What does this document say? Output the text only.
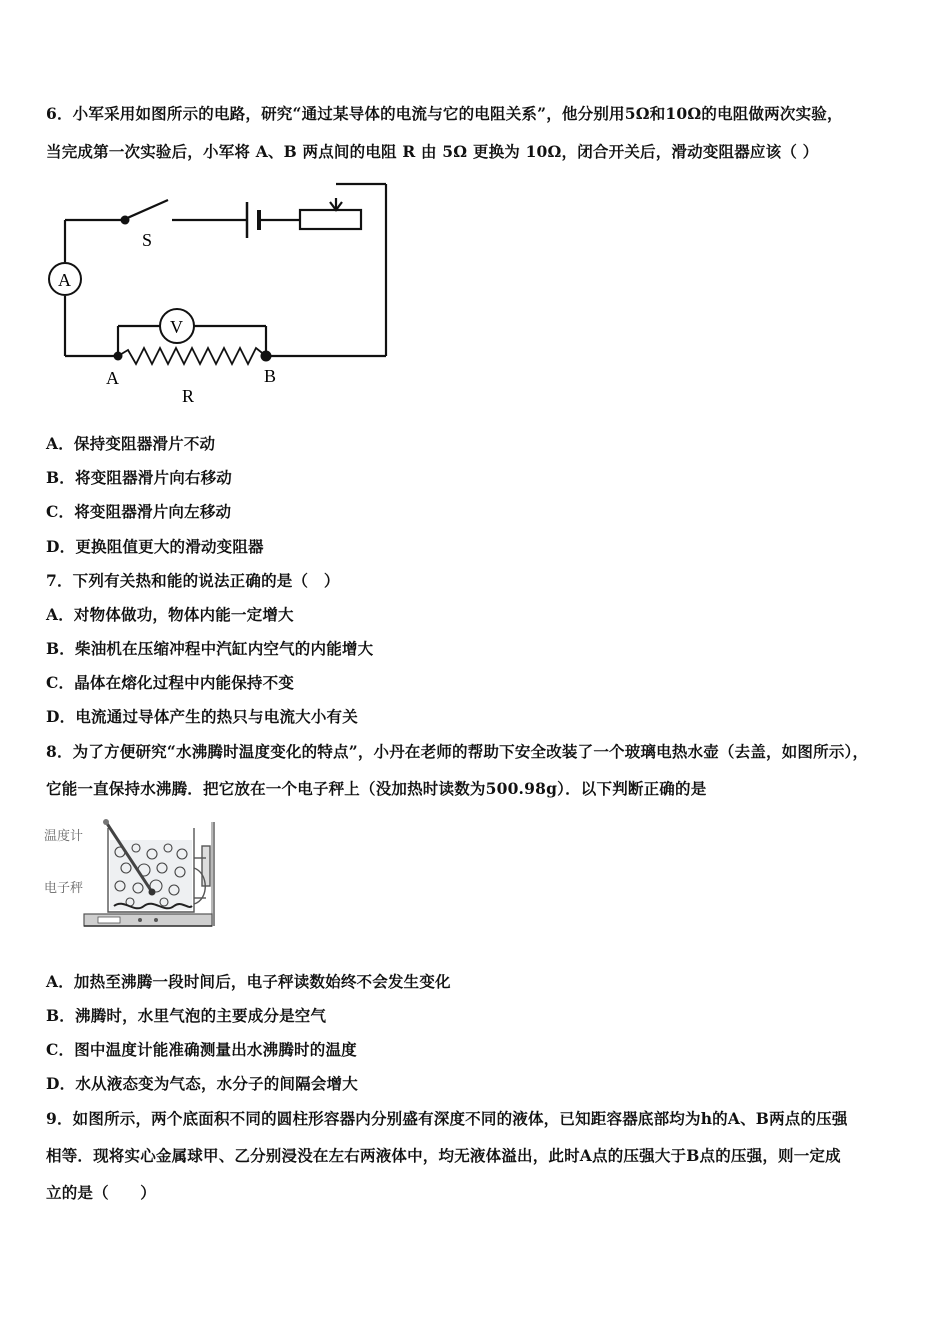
6．小军采用如图所示的电路，研究“通过某导体的电流与它的电阻关系”，他分别用5Ω和10Ω的电阻做两次实验，
当完成第一次实验后，小军将 A、B 两点间的电阻 R 由 5Ω 更换为 10Ω，闭合开关后，滑动变阻器应该（ ）
S
A
V
A	B
R
A．保持变阻器滑片不动
B．将变阻器滑片向右移动
C．将变阻器滑片向左移动
D．更换阻值更大的滑动变阻器
7．下列有关热和能的说法正确的是（　）
A．对物体做功，物体内能一定增大
B．柴油机在压缩冲程中汽缸内空气的内能增大
C．晶体在熔化过程中内能保持不变
D．电流通过导体产生的热只与电流大小有关
8．为了方便研究“水沸腾时温度变化的特点”，小丹在老师的帮助下安全改装了一个玻璃电热水壶（去盖，如图所示），
它能一直保持水沸腾．把它放在一个电子秤上（没加热时读数为500.98g）．以下判断正确的是
温度计
电子秤
A．加热至沸腾一段时间后，电子秤读数始终不会发生变化
B．沸腾时，水里气泡的主要成分是空气
C．图中温度计能准确测量出水沸腾时的温度
D．水从液态变为气态，水分子的间隔会增大
9．如图所示，两个底面积不同的圆柱形容器内分别盛有深度不同的液体，已知距容器底部均为h的A、B两点的压强
相等．现将实心金属球甲、乙分别浸没在左右两液体中，均无液体溢出，此时A点的压强大于B点的压强，则一定成
立的是（　　）
